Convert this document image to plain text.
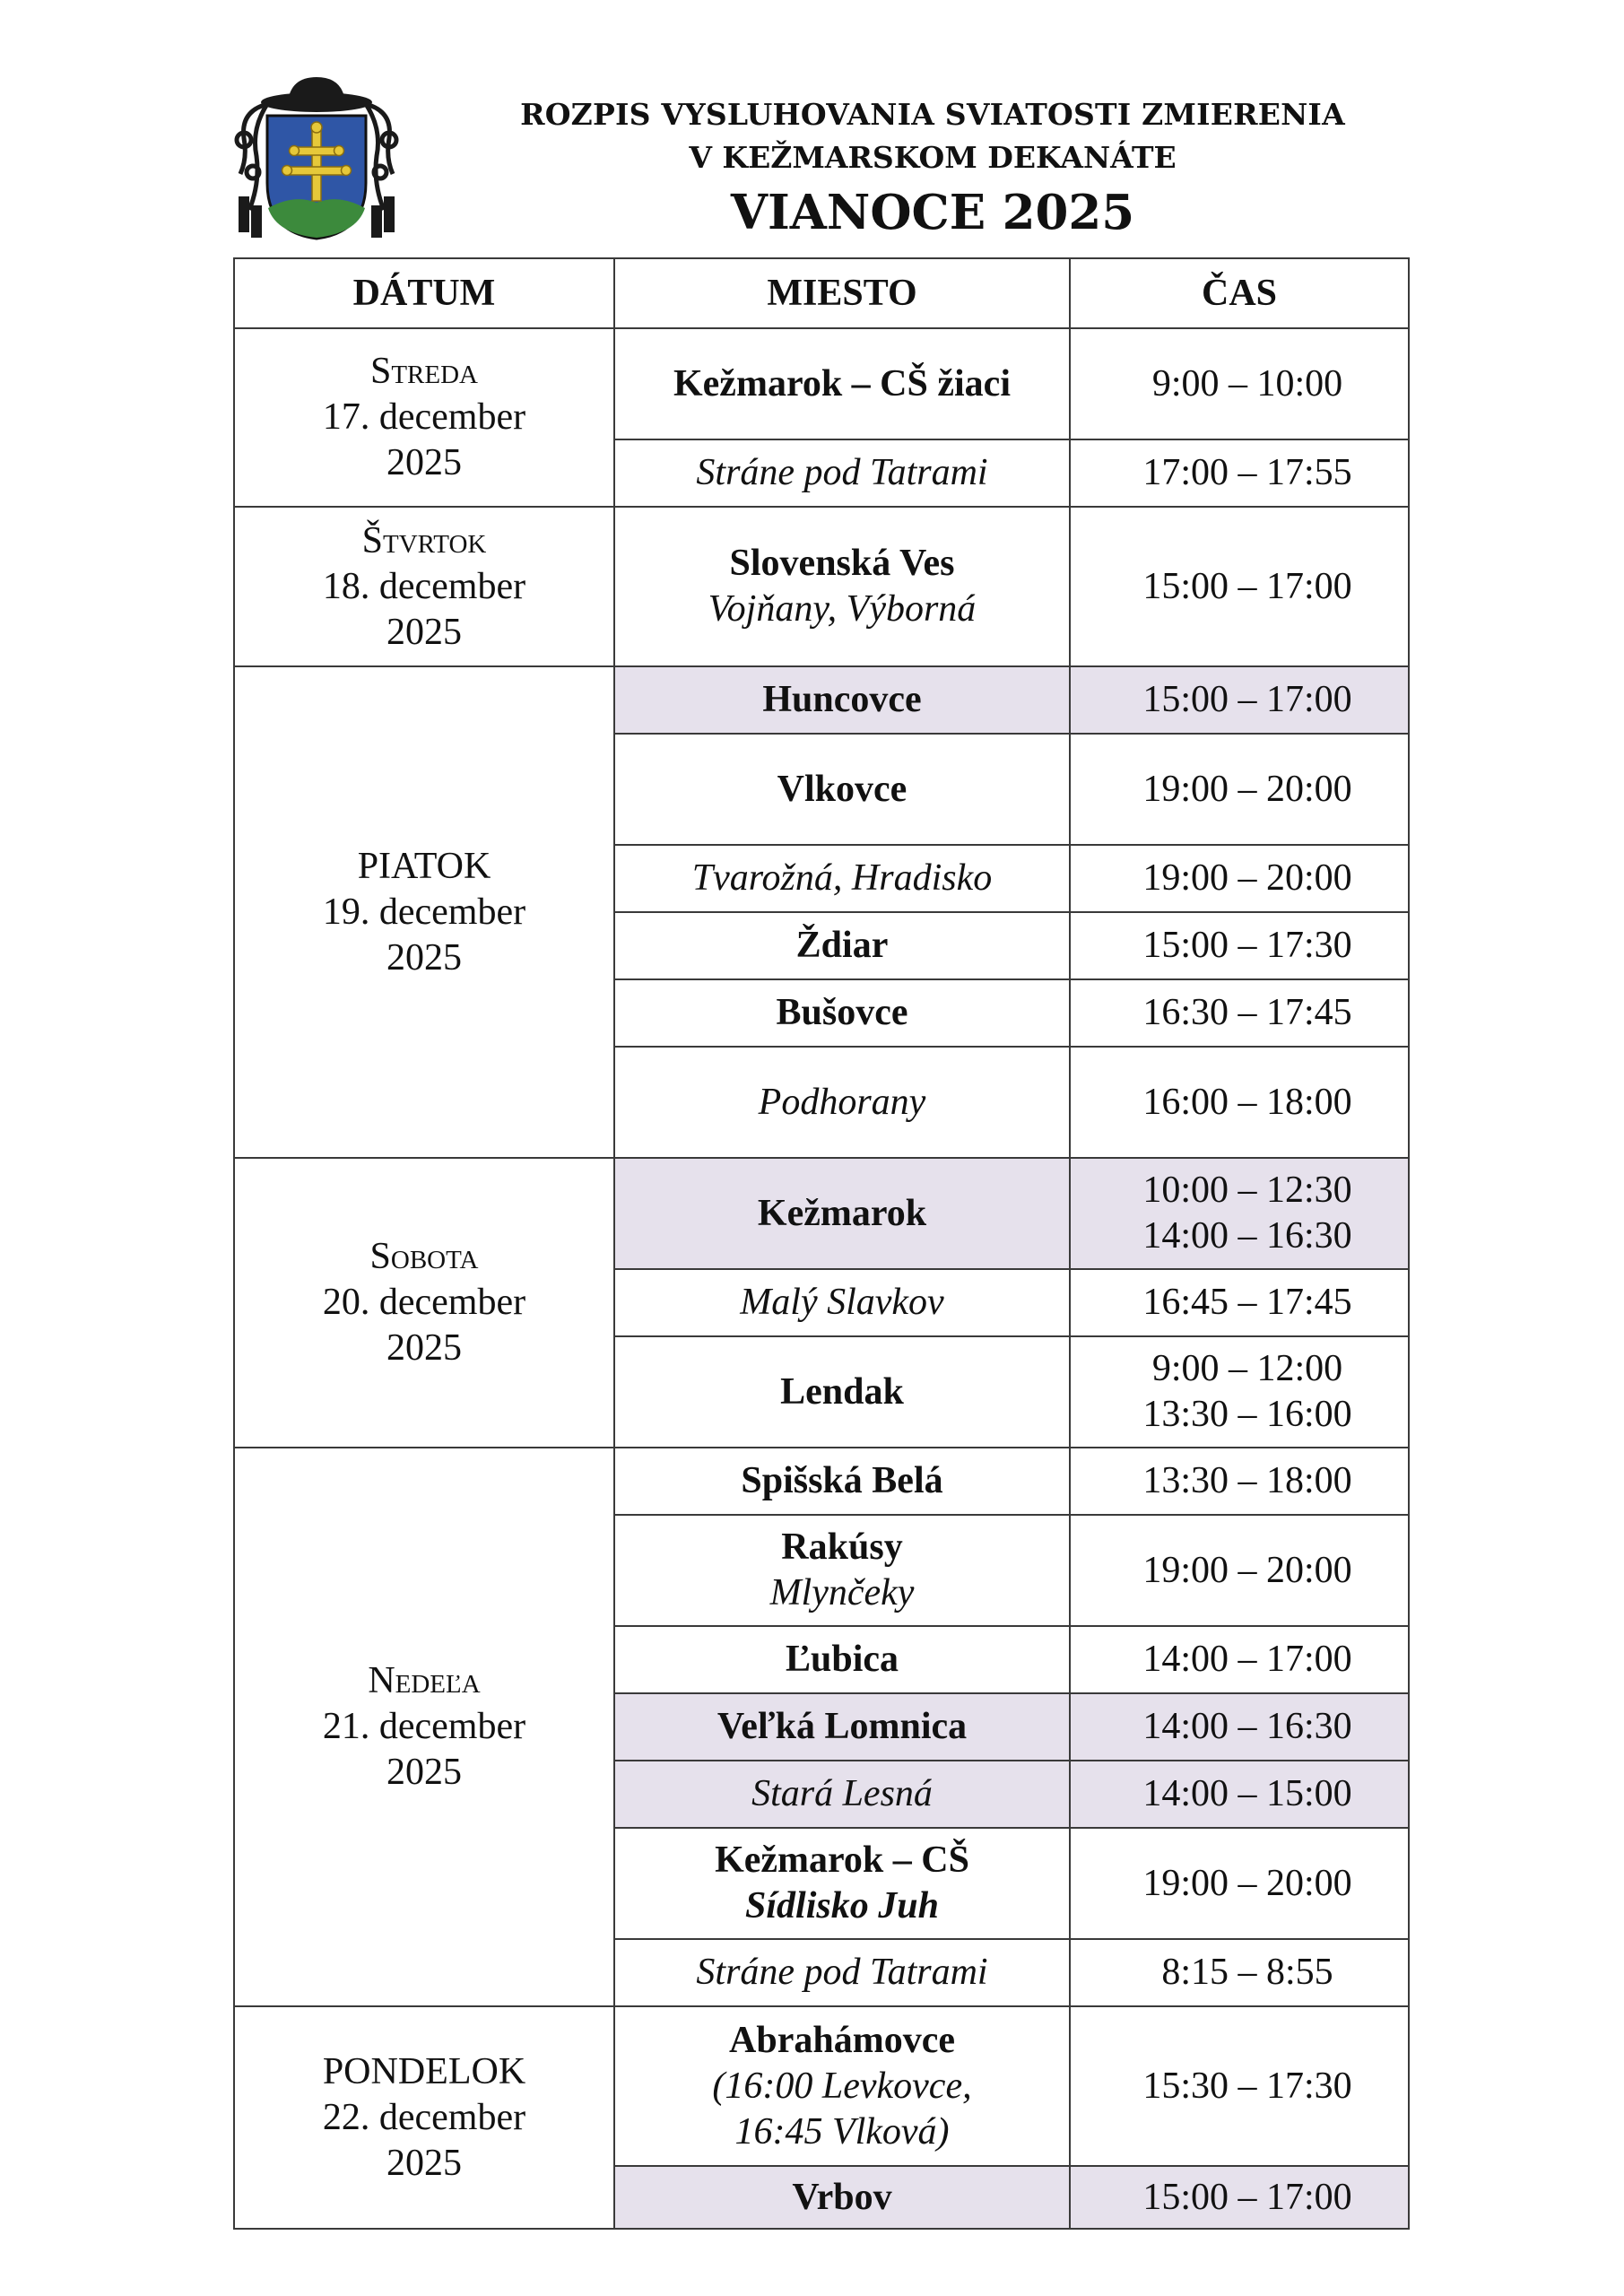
ROZPIS VYSLUHOVANIA SVIATOSTI ZMIERENIA
V KEŽMARSKOM DEKANÁTE
VIANOCE 2025
DÁTUM	MIESTO	ČAS

Streda
17. december
2025	Kežmarok – CŠ žiaci	9:00 – 10:00

	Stráne pod Tatrami	17:00 – 17:55

Štvrtok
18. december
2025	Slovenská Ves
Vojňany, Výborná	15:00 – 17:00

PIATOK
19. december
2025	Huncovce	15:00 – 17:00

	Vlkovce	19:00 – 20:00

	Tvarožná, Hradisko	19:00 – 20:00

	Ždiar	15:00 – 17:30

	Bušovce	16:30 – 17:45

	Podhorany	16:00 – 18:00

Sobota
20. december
2025	Kežmarok	10:00 – 12:30
14:00 – 16:30

	Malý Slavkov	16:45 – 17:45

	Lendak	9:00 – 12:00
13:30 – 16:00

Nedeľa
21. december
2025	Spišská Belá	13:30 – 18:00

	Rakúsy
Mlynčeky	19:00 – 20:00

	Ľubica	14:00 – 17:00

	Veľká Lomnica	14:00 – 16:30

	Stará Lesná	14:00 – 15:00

	Kežmarok – CŠ
Sídlisko Juh	19:00 – 20:00

	Stráne pod Tatrami	8:15 – 8:55

PONDELOK
22. december
2025	Abrahámovce
(16:00 Levkovce,
16:45 Vlková)	15:30 – 17:30

	Vrbov	15:00 – 17:00
